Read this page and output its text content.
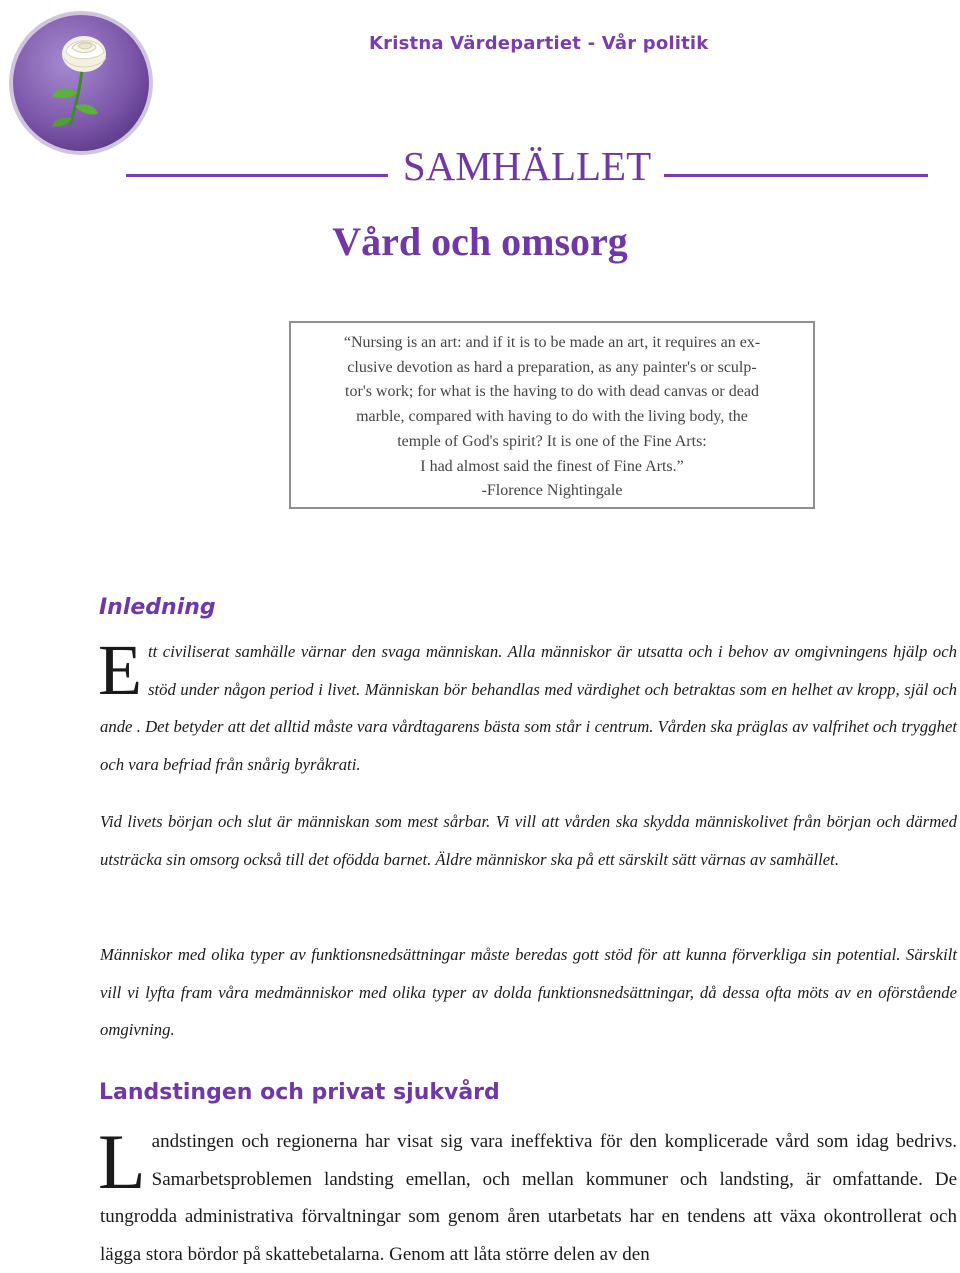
Kristna Värdepartiet - Vår politik
SAMHÄLLET
Vård och omsorg
“Nursing is an art: and if it is to be made an art, it requires an ex-
clusive devotion as hard a preparation, as any painter's or sculp-
tor's work; for what is the having to do with dead canvas or dead
marble, compared with having to do with the living body, the
temple of God's spirit? It is one of the Fine Arts:
I had almost said the finest of Fine Arts.”
-Florence Nightingale
Inledning
E tt civiliserat samhälle värnar den svaga människan. Alla människor är utsatta och i behov av omgivningens hjälp och stöd under någon period i livet. Människan bör behandlas med värdighet och betraktas som en helhet av kropp, själ och ande . Det betyder att det alltid måste vara vårdtagarens bästa som står i centrum. Vården ska präglas av valfrihet och trygghet och vara befriad från snårig byråkrati.
Vid livets början och slut är människan som mest sårbar. Vi vill att vården ska skydda människolivet från början och därmed utsträcka sin omsorg också till det ofödda barnet. Äldre människor ska på ett särskilt sätt värnas av samhället.
Människor med olika typer av funktionsnedsättningar måste beredas gott stöd för att kunna förverkliga sin potential. Särskilt vill vi lyfta fram våra medmänniskor med olika typer av dolda funktionsnedsättningar, då dessa ofta möts av en oförstående omgivning.
Landstingen och privat sjukvård
L andstingen och regionerna har visat sig vara ineffektiva för den komplicerade vård som idag bedrivs. Samarbetsproblemen landsting emellan, och mellan kommuner och landsting, är omfattande. De tungrodda administrativa förvaltningar som genom åren utarbetats har en tendens att växa okontrollerat och lägga stora bördor på skattebetalarna. Genom att låta större delen av den
